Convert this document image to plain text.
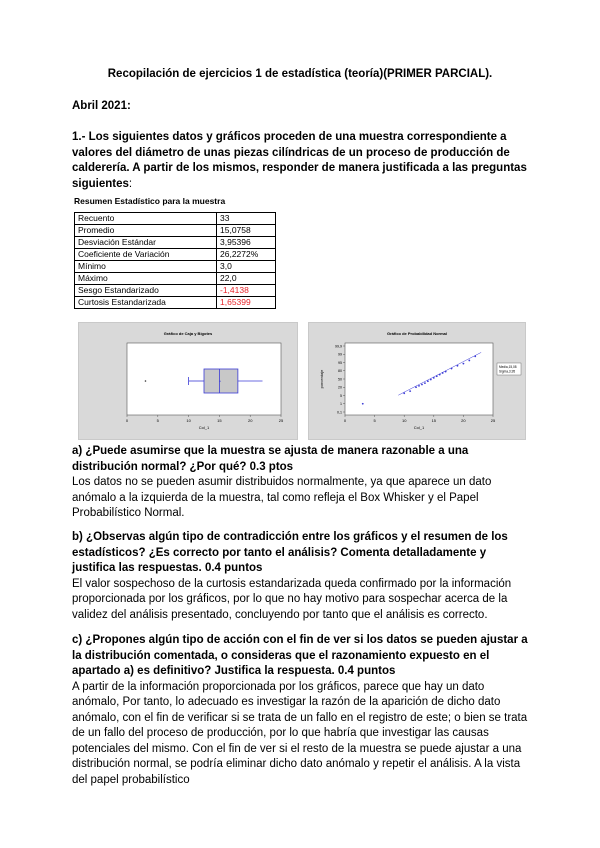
Recopilación de ejercicios 1 de estadística (teoría)(PRIMER PARCIAL).
Abril 2021:
1.- Los siguientes datos y gráficos proceden de una muestra correspondiente a valores del diámetro de unas piezas cilíndricas de un proceso de producción de calderería. A partir de los mismos, responder de manera justificada a las preguntas siguientes:
Resumen Estadístico para la muestra
Recuento	33
Promedio	15,0758
Desviación Estándar	3,95396
Coeficiente de Variación	26,2272%
Mínimo	3,0
Máximo	22,0
Sesgo Estandarizado	-1,4138
Curtosis Estandarizada	1,65399
Gráfico de Caja y Bigotes
0	5	10	15	20	25
Col_1
+
Gráfico de Probabilidad Normal
0	5	10	15	20	25
0,1
1
5
20
50
80
95
99
99,9
Col_1
porcentaje
Media,15,08
Sigma,3,95
a) ¿Puede asumirse que la muestra se ajusta de manera razonable a una distribución normal? ¿Por qué? 0.3 ptos
Los datos no se pueden asumir distribuidos normalmente, ya que aparece un dato anómalo a la izquierda de la muestra, tal como refleja el Box Whisker y el Papel Probabilístico Normal.
b) ¿Observas algún tipo de contradicción entre los gráficos y el resumen de los estadísticos? ¿Es correcto por tanto el análisis? Comenta detalladamente y justifica las respuestas. 0.4 puntos
El valor sospechoso de la curtosis estandarizada queda confirmado por la información proporcionada por los gráficos, por lo que no hay motivo para sospechar acerca de la validez del análisis presentado, concluyendo por tanto que el análisis es correcto.
c) ¿Propones algún tipo de acción con el fin de ver si los datos se pueden ajustar a la distribución comentada, o consideras que el razonamiento expuesto en el apartado a) es definitivo? Justifica la respuesta. 0.4 puntos
A partir de la información proporcionada por los gráficos, parece que hay un dato anómalo, Por tanto, lo adecuado es investigar la razón de la aparición de dicho dato anómalo, con el fin de verificar si se trata de un fallo en el registro de este; o bien se trata de un fallo del proceso de producción, por lo que habría que investigar las causas potenciales del mismo. Con el fin de ver si el resto de la muestra se puede ajustar a una distribución normal, se podría eliminar dicho dato anómalo y repetir el análisis. A la vista del papel probabilístico
